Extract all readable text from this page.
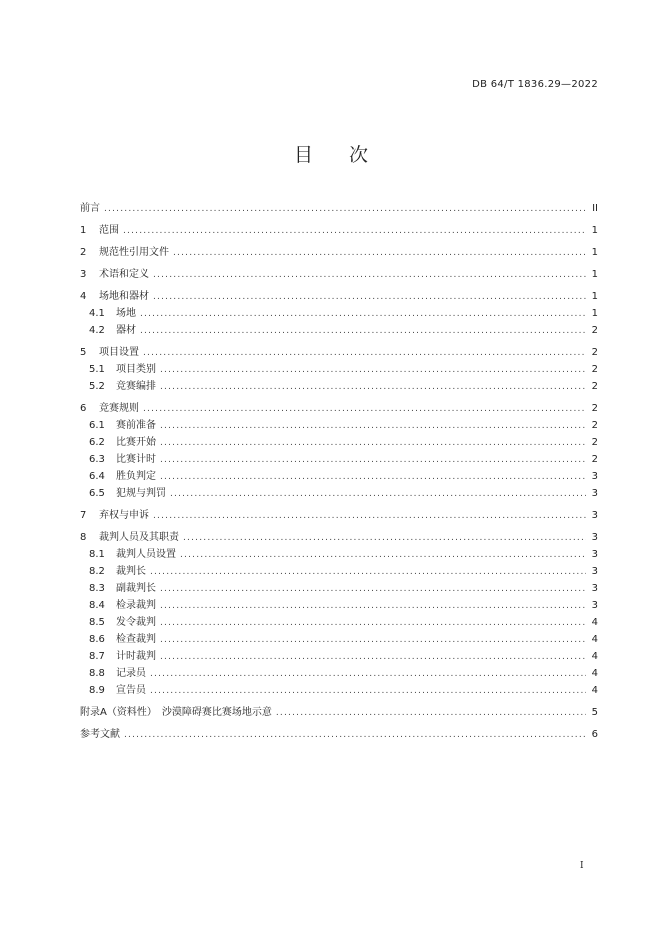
DB 64/T 1836.29—2022
目 次
前言 .....	II
1	范围 .....	1
2	规范性引用文件 .....	1
3	术语和定义 .....	1
4	场地和器材 .....	1
4.1	场地 .....	1
4.2	器材 .....	2
5	项目设置 .....	2
5.1	项目类别 .....	2
5.2	竞赛编排 .....	2
6	竞赛规则 .....	2
6.1	赛前准备 .....	2
6.2	比赛开始 .....	2
6.3	比赛计时 .....	2
6.4	胜负判定 .....	3
6.5	犯规与判罚 .....	3
7	弃权与申诉 .....	3
8	裁判人员及其职责 .....	3
8.1	裁判人员设置 .....	3
8.2	裁判长 .....	3
8.3	副裁判长 .....	3
8.4	检录裁判 .....	3
8.5	发令裁判 .....	4
8.6	检查裁判 .....	4
8.7	计时裁判 .....	4
8.8	记录员 .....	4
8.9	宣告员 .....	4
附录A（资料性）　沙漠障碍赛比赛场地示意 .....	5
参考文献 .....	6
I
